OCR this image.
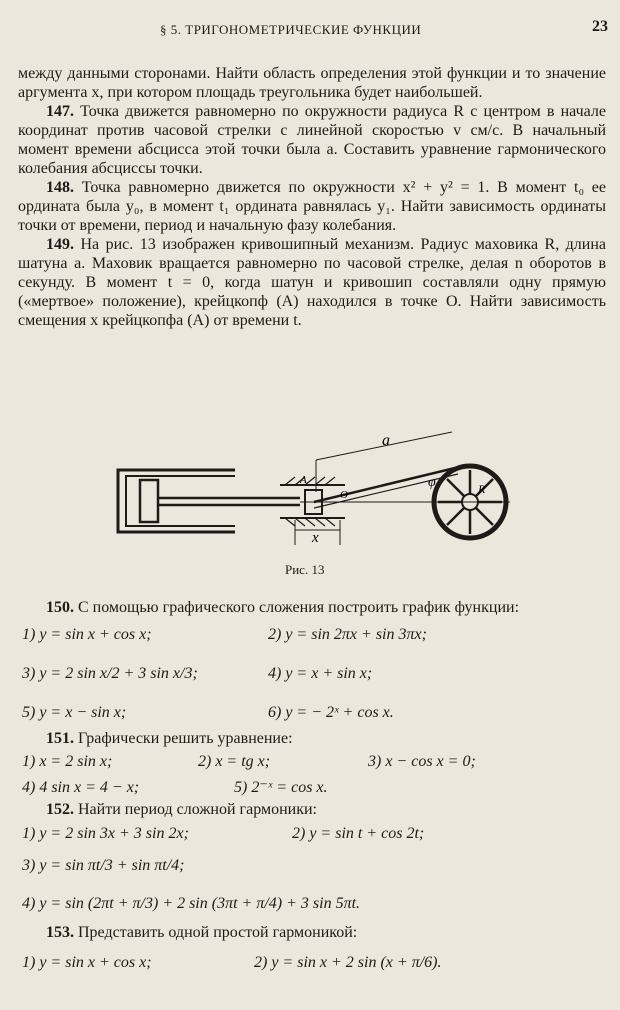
§ 5. ТРИГОНОМЕТРИЧЕСКИЕ ФУНКЦИИ	23

между данными сторонами. Найти область определения этой функции и то значение аргумента x, при котором площадь треугольника будет наибольшей.

147. Точка движется равномерно по окружности радиуса R с центром в начале координат против часовой стрелки с линейной скоростью v см/с. В начальный момент времени абсцисса этой точки была a. Составить уравнение гармонического колебания абсциссы точки.

148. Точка равномерно движется по окружности x² + y² = 1. В момент t₀ ее ордината была y₀, в момент t₁ ордината равнялась y₁. Найти зависимость ординаты точки от времени, период и начальную фазу колебания.

149. На рис. 13 изображен кривошипный механизм. Радиус маховика R, длина шатуна a. Маховик вращается равномерно по часовой стрелке, делая n оборотов в секунду. В момент t = 0, когда шатун и кривошип составляли одну прямую («мертвое» положение), крейцкопф (A) находился в точке O. Найти зависимость смещения x крейцкопфа (A) от времени t.

a
x
φ
A
O	R
Рис. 13

150. С помощью графического сложения построить график функции:

1) y = sin x + cos x;	2) y = sin 2πx + sin 3πx;
3) y = 2 sin x/2 + 3 sin x/3;	4) y = x + sin x;
5) y = x − sin x;	6) y = − 2ˣ + cos x.

151. Графически решить уравнение:

1) x = 2 sin x;	2) x = tg x;	3) x − cos x = 0;
4) 4 sin x = 4 − x;	5) 2⁻ˣ = cos x.

152. Найти период сложной гармоники:

1) y = 2 sin 3x + 3 sin 2x;	2) y = sin t + cos 2t;
3) y = sin πt/3 + sin πt/4;
4) y = sin (2πt + π/3) + 2 sin (3πt + π/4) + 3 sin 5πt.

153. Представить одной простой гармоникой:

1) y = sin x + cos x;	2) y = sin x + 2 sin (x + π/6).
